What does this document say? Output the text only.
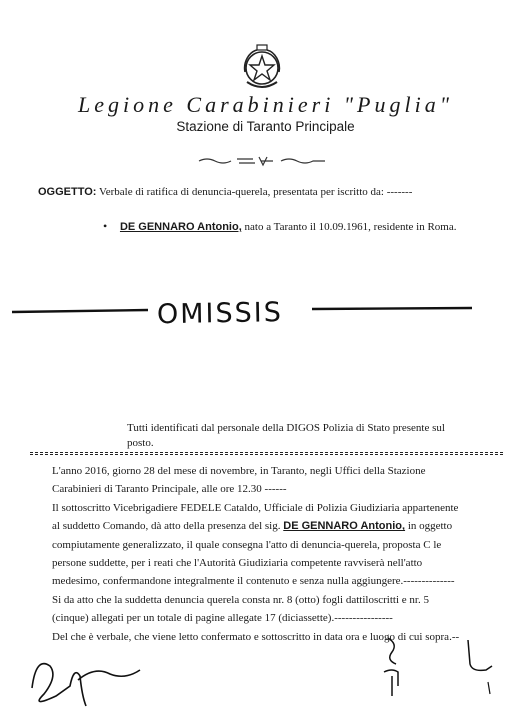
Legione Carabinieri "Puglia"
Stazione di Taranto Principale
OGGETTO: Verbale di ratifica di denuncia-querela, presentata per iscritto da: -------
• DE GENNARO Antonio, nato a Taranto il 10.09.1961, residente in Roma.
OMISSIS
Tutti identificati dal personale della DIGOS Polizia di Stato presente sul posto.

L'anno 2016, giorno 28 del mese di novembre, in Taranto, negli Uffici della Stazione

Carabinieri di Taranto Principale, alle ore 12.30 ------

Il sottoscritto Vicebrigadiere FEDELE Cataldo, Ufficiale di Polizia Giudiziaria appartenente

al suddetto Comando, dà atto della presenza del sig. DE GENNARO Antonio, in oggetto

compiutamente generalizzato, il quale consegna l'atto di denuncia-querela, proposta C le

persone suddette, per i reati che l'Autorità Giudiziaria competente ravviserà nell'atto

medesimo, confermandone integralmente il contenuto e senza nulla aggiungere.--------------

Si da atto che la suddetta denuncia querela consta nr. 8 (otto) fogli dattiloscritti e nr. 5

(cinque) allegati per un totale di pagine allegate 17 (diciassette).----------------

Del che è verbale, che viene letto confermato e sottoscritto in data ora e luogo di cui sopra.--
